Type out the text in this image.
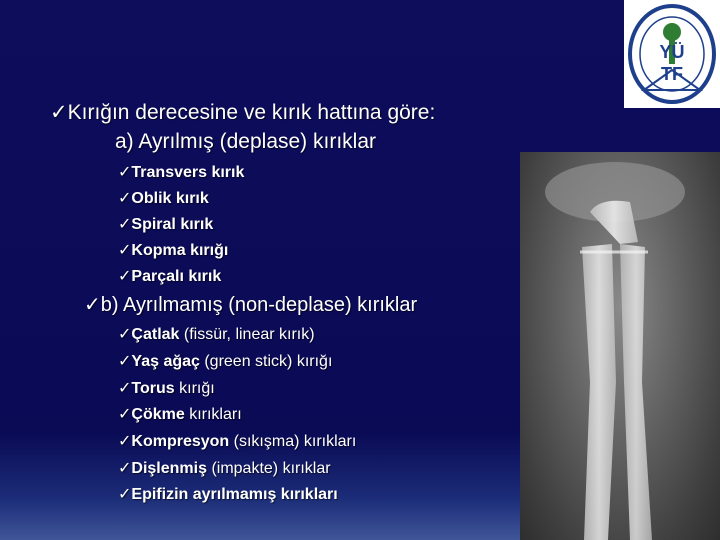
YÜ
TF
✓Kırığın derecesine ve kırık hattına göre:
a) Ayrılmış (deplase) kırıklar
✓Transvers kırık
✓Oblik kırık
✓Spiral kırık
✓Kopma kırığı
✓Parçalı kırık
✓b) Ayrılmamış (non-deplase) kırıklar
✓Çatlak (fissür, linear kırık)
✓Yaş ağaç (green stick) kırığı
✓Torus kırığı
✓Çökme kırıkları
✓Kompresyon (sıkışma) kırıkları
✓Dişlenmiş (impakte) kırıklar
✓Epifizin ayrılmamış kırıkları
